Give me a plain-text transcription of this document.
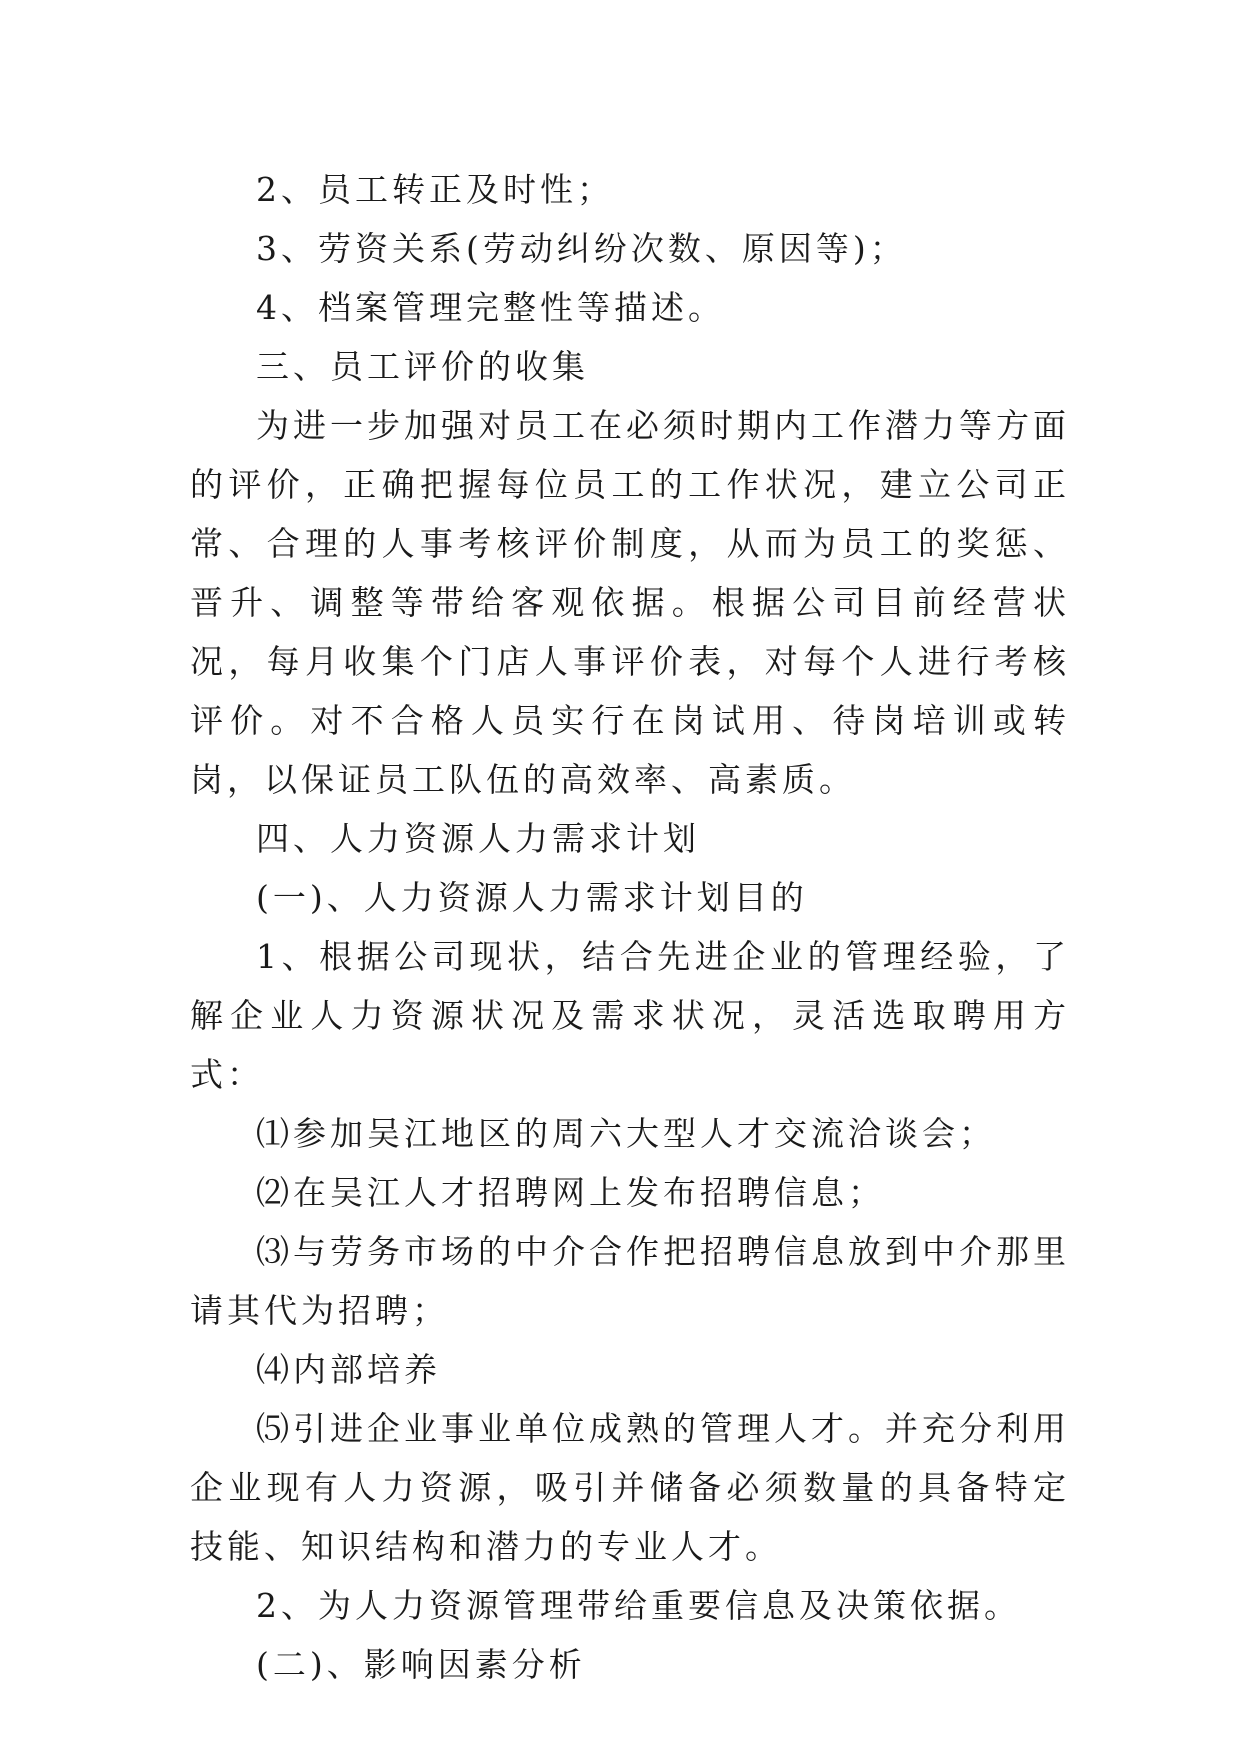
2、员工转正及时性；

3、劳资关系(劳动纠纷次数、原因等)；

4、档案管理完整性等描述。

三、员工评价的收集

为进一步加强对员工在必须时期内工作潜力等方面的评价，正确把握每位员工的工作状况，建立公司正常、合理的人事考核评价制度，从而为员工的奖惩、晋升、调整等带给客观依据。根据公司目前经营状况，每月收集个门店人事评价表，对每个人进行考核评价。对不合格人员实行在岗试用、待岗培训或转岗，以保证员工队伍的高效率、高素质。

四、人力资源人力需求计划

(一)、人力资源人力需求计划目的

1、根据公司现状，结合先进企业的管理经验，了解企业人力资源状况及需求状况，灵活选取聘用方式：

⑴参加吴江地区的周六大型人才交流洽谈会；

⑵在吴江人才招聘网上发布招聘信息；

⑶与劳务市场的中介合作把招聘信息放到中介那里请其代为招聘；

⑷内部培养

⑸引进企业事业单位成熟的管理人才。并充分利用企业现有人力资源，吸引并储备必须数量的具备特定技能、知识结构和潜力的专业人才。

2、为人力资源管理带给重要信息及决策依据。

(二)、影响因素分析
